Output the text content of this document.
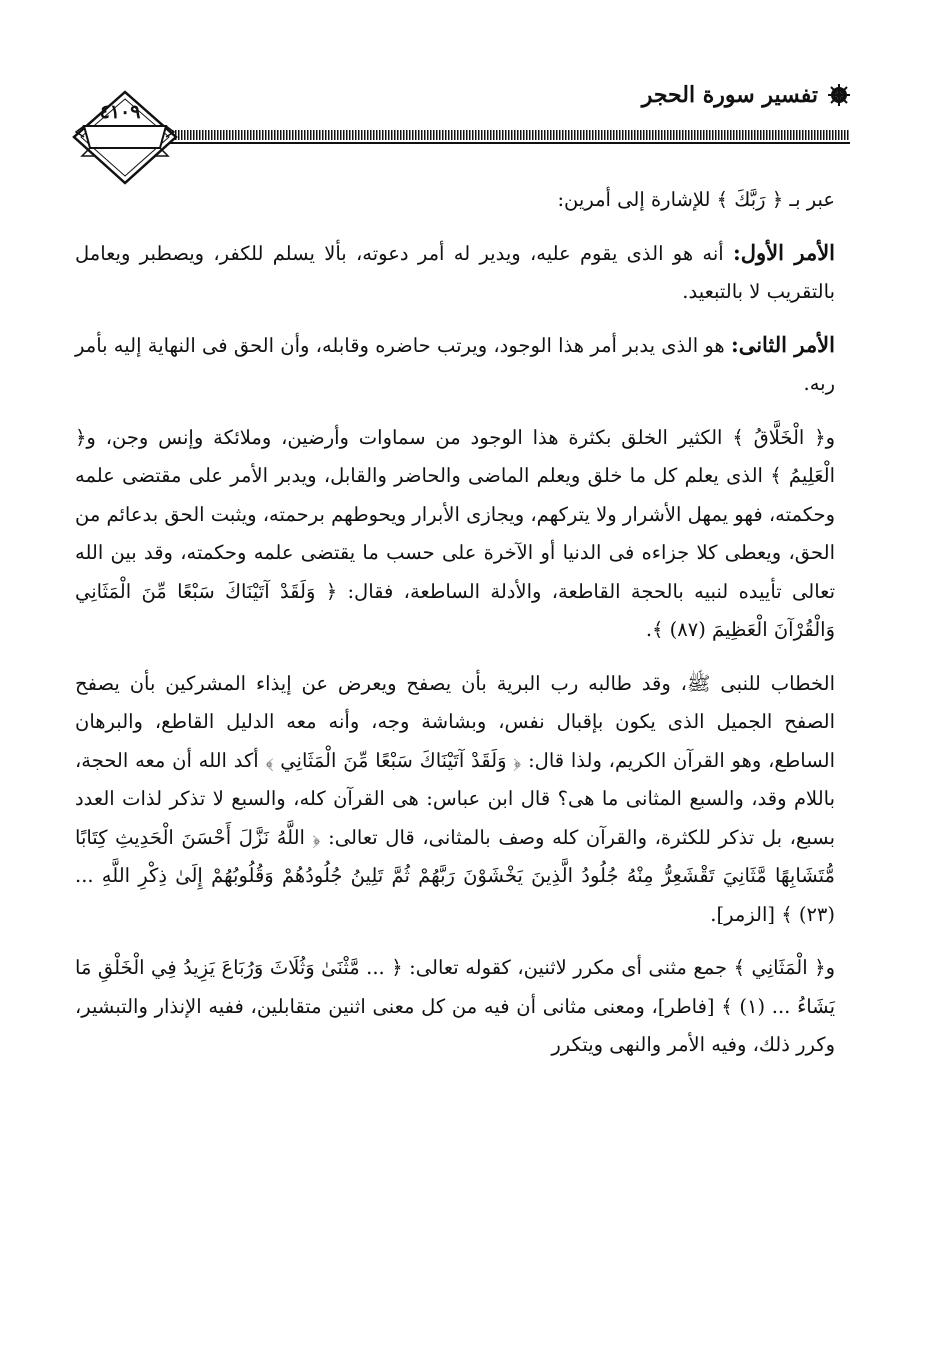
تفسير سورة الحجر
٤١٠٩

عبر بـ ﴿ رَبَّكَ ﴾ للإشارة إلى أمرين:

الأمر الأول: أنه هو الذى يقوم عليه، ويدير له أمر دعوته، بألا يسلم للكفر، ويصطبر ويعامل بالتقريب لا بالتبعيد.

الأمر الثانى: هو الذى يدبر أمر هذا الوجود، ويرتب حاضره وقابله، وأن الحق فى النهاية إليه بأمر ربه.

و﴿ الْخَلَّاقُ ﴾ الكثير الخلق بكثرة هذا الوجود من سماوات وأرضين، وملائكة وإنس وجن، و﴿ الْعَلِيمُ ﴾ الذى يعلم كل ما خلق ويعلم الماضى والحاضر والقابل، ويدبر الأمر على مقتضى علمه وحكمته، فهو يمهل الأشرار ولا يتركهم، ويجازى الأبرار ويحوطهم برحمته، ويثبت الحق بدعائم من الحق، ويعطى كلا جزاءه فى الدنيا أو الآخرة على حسب ما يقتضى علمه وحكمته، وقد بين الله تعالى تأييده لنبيه بالحجة القاطعة، والأدلة الساطعة، فقال: ﴿ وَلَقَدْ آتَيْنَاكَ سَبْعًا مِّنَ الْمَثَانِي وَالْقُرْآنَ الْعَظِيمَ (٨٧) ﴾.

الخطاب للنبى ﷺ، وقد طالبه رب البرية بأن يصفح ويعرض عن إيذاء المشركين بأن يصفح الصفح الجميل الذى يكون بإقبال نفس، وبشاشة وجه، وأنه معه الدليل القاطع، والبرهان الساطع، وهو القرآن الكريم، ولذا قال: ﴿ وَلَقَدْ آتَيْنَاكَ سَبْعًا مِّنَ الْمَثَانِي ﴾ أكد الله أن معه الحجة، باللام وقد، والسبع المثانى ما هى؟ قال ابن عباس: هى القرآن كله، والسبع لا تذكر لذات العدد بسبع، بل تذكر للكثرة، والقرآن كله وصف بالمثانى، قال تعالى: ﴿ اللَّهُ نَزَّلَ أَحْسَنَ الْحَدِيثِ كِتَابًا مُّتَشَابِهًا مَّثَانِيَ تَقْشَعِرُّ مِنْهُ جُلُودُ الَّذِينَ يَخْشَوْنَ رَبَّهُمْ ثُمَّ تَلِينُ جُلُودُهُمْ وَقُلُوبُهُمْ إِلَىٰ ذِكْرِ اللَّهِ ... (٢٣) ﴾ [الزمر].

و﴿ الْمَثَانِي ﴾ جمع مثنى أى مكرر لاثنين، كقوله تعالى: ﴿ ... مَّثْنَىٰ وَثُلَاثَ وَرُبَاعَ يَزِيدُ فِي الْخَلْقِ مَا يَشَاءُ ... (١) ﴾ [فاطر]، ومعنى مثانى أن فيه من كل معنى اثنين متقابلين، ففيه الإنذار والتبشير، وكرر ذلك، وفيه الأمر والنهى ويتكرر
